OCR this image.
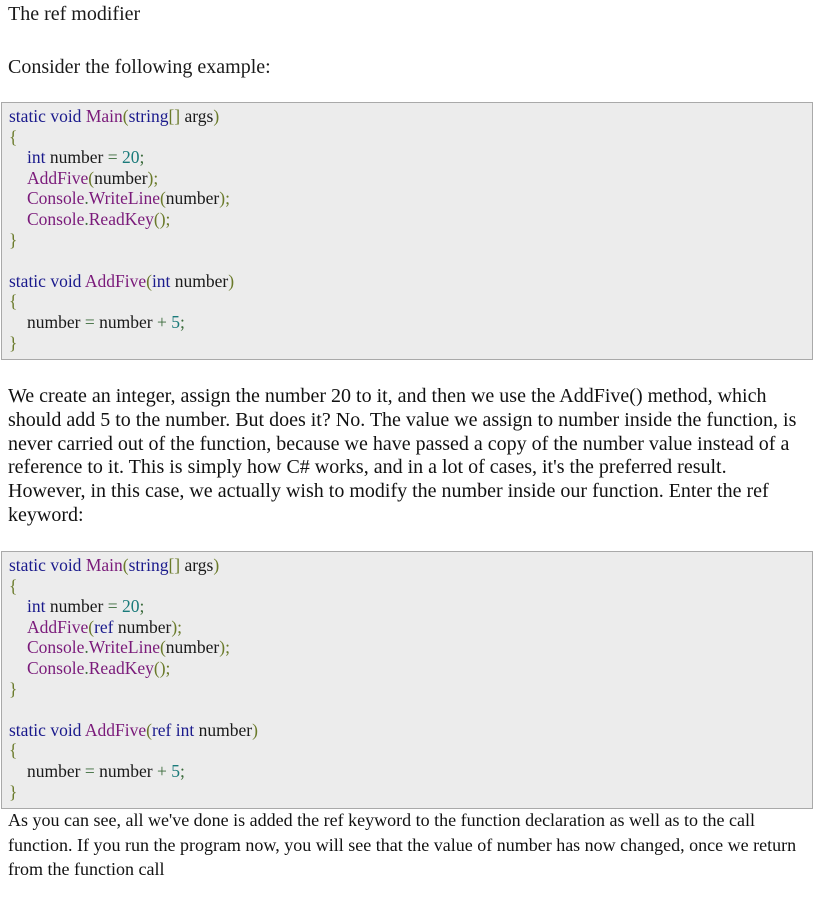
The ref modifier
Consider the following example:
static void Main(string[] args)
{
int number = 20;
AddFive(number);
Console.WriteLine(number);
Console.ReadKey();
}

static void AddFive(int number)
{
number = number + 5;
}
We create an integer, assign the number 20 to it, and then we use the AddFive() method, which should add 5 to the number. But does it? No. The value we assign to number inside the function, is never carried out of the function, because we have passed a copy of the number value instead of a reference to it. This is simply how C# works, and in a lot of cases, it's the preferred result. However, in this case, we actually wish to modify the number inside our function. Enter the ref keyword:
static void Main(string[] args)
{
int number = 20;
AddFive(ref number);
Console.WriteLine(number);
Console.ReadKey();
}

static void AddFive(ref int number)
{
number = number + 5;
}
As you can see, all we've done is added the ref keyword to the function declaration as well as to the call function. If you run the program now, you will see that the value of number has now changed, once we return from the function call
